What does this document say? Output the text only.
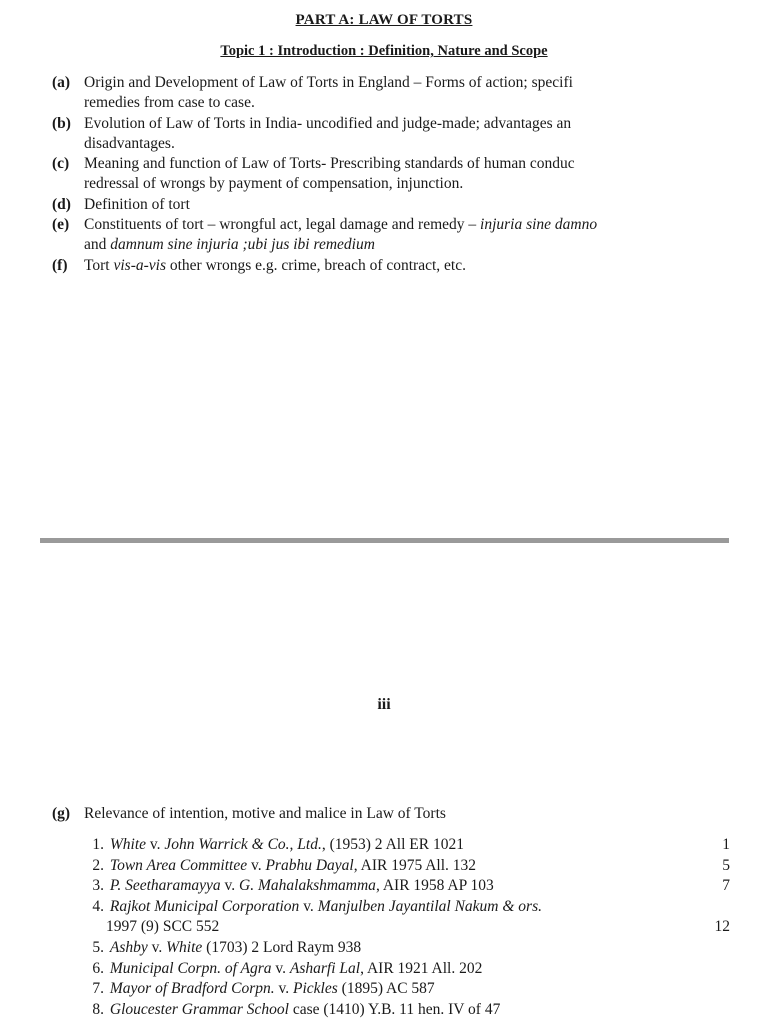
PART A: LAW OF TORTS
Topic 1 : Introduction : Definition, Nature and Scope
(a) Origin and Development of Law of Torts in England – Forms of action; specifi
remedies from case to case.
(b) Evolution of Law of Torts in India- uncodified and judge-made; advantages an
disadvantages.
(c) Meaning and function of Law of Torts- Prescribing standards of human conduc
redressal of wrongs by payment of compensation, injunction.
(d) Definition of tort
(e) Constituents of tort – wrongful act, legal damage and remedy – injuria sine damno
and damnum sine injuria ;ubi jus ibi remedium
(f) Tort vis-a-vis other wrongs e.g. crime, breach of contract, etc.
iii
(g) Relevance of intention, motive and malice in Law of Torts
1. White v. John Warrick & Co., Ltd., (1953) 2 All ER 1021	1
2. Town Area Committee v. Prabhu Dayal, AIR 1975 All. 132	5
3. P. Seetharamayya v. G. Mahalakshmamma, AIR 1958 AP 103	7
4. Rajkot Municipal Corporation v. Manjulben Jayantilal Nakum & ors.
1997 (9) SCC 552	12
5. Ashby v. White (1703) 2 Lord Raym 938
6. Municipal Corpn. of Agra v. Asharfi Lal, AIR 1921 All. 202
7. Mayor of Bradford Corpn. v. Pickles (1895) AC 587
8. Gloucester Grammar School case (1410) Y.B. 11 hen. IV of 47
